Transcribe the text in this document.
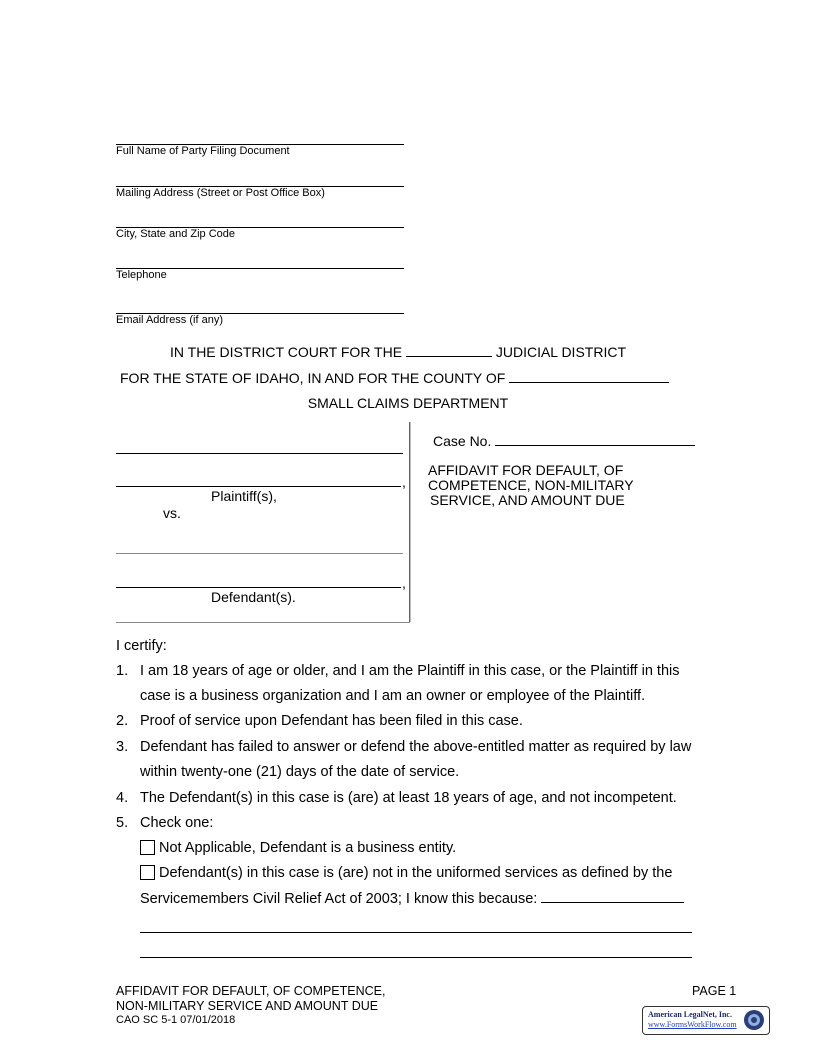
Full Name of Party Filing Document
Mailing Address (Street or Post Office Box)
City, State and Zip Code
Telephone
Email Address (if any)
IN THE DISTRICT COURT FOR THE	JUDICIAL DISTRICT
FOR THE STATE OF IDAHO, IN AND FOR THE COUNTY OF
SMALL CLAIMS DEPARTMENT
,
Plaintiff(s),
vs.
,
Defendant(s).
Case No.
AFFIDAVIT FOR DEFAULT, OF
COMPETENCE, NON-MILITARY
SERVICE, AND AMOUNT DUE
I certify:
1. I am 18 years of age or older, and I am the Plaintiff in this case, or the Plaintiff in this
case is a business organization and I am an owner or employee of the Plaintiff.
2. Proof of service upon Defendant has been filed in this case.
3. Defendant has failed to answer or defend the above-entitled matter as required by law
within twenty-one (21) days of the date of service.
4. The Defendant(s) in this case is (are) at least 18 years of age, and not incompetent.
5. Check one:
Not Applicable, Defendant is a business entity.
Defendant(s) in this case is (are) not in the uniformed services as defined by the
Servicemembers Civil Relief Act of 2003; I know this because:
AFFIDAVIT FOR DEFAULT, OF COMPETENCE,
NON-MILITARY SERVICE AND AMOUNT DUE
CAO SC 5-1 07/01/2018
PAGE 1
American LegalNet, Inc.
www.FormsWorkFlow.com
